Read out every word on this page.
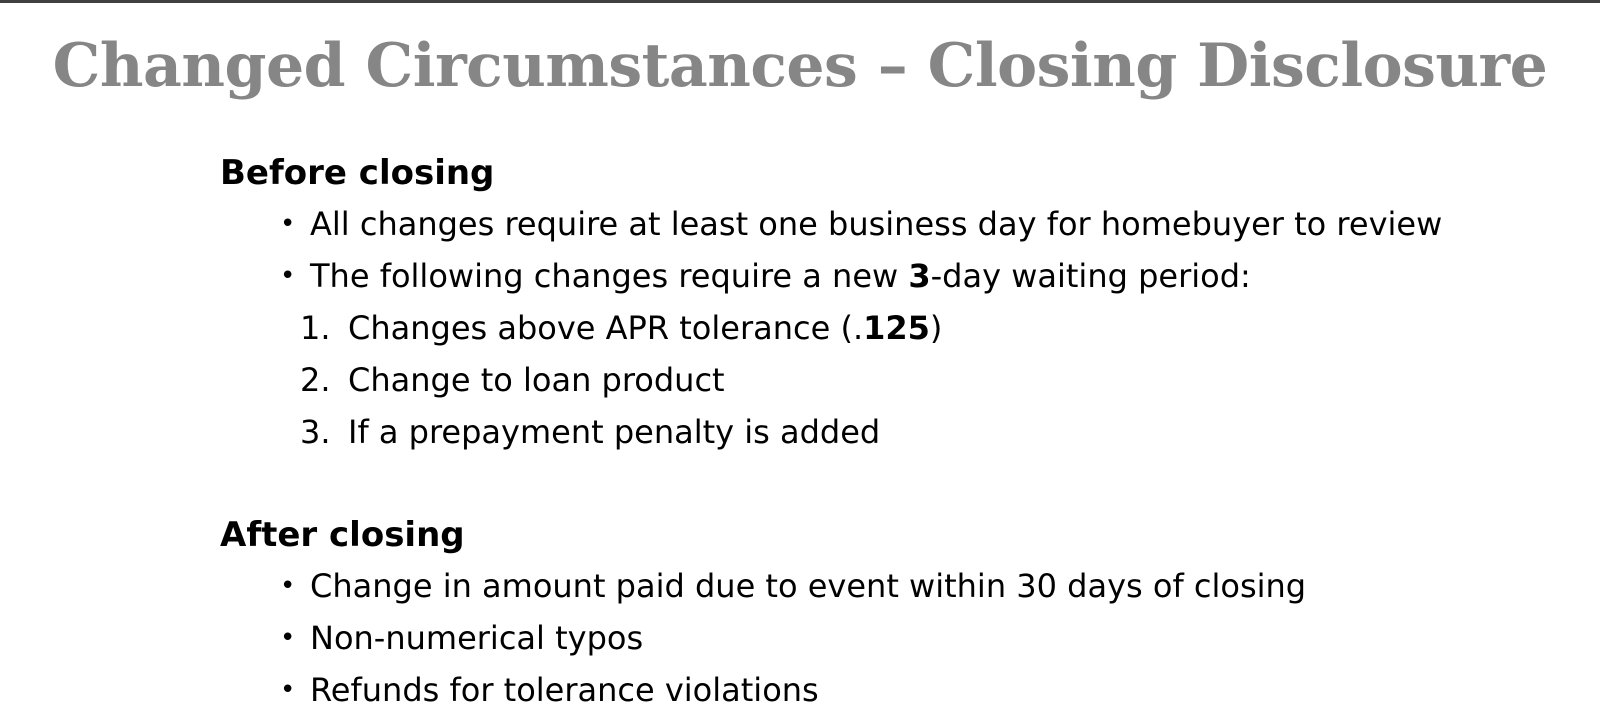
Changed Circumstances – Closing Disclosure
Before closing
• All changes require at least one business day for homebuyer to review
• The following changes require a new 3-day waiting period:
1. Changes above APR tolerance (.125)
2. Change to loan product
3. If a prepayment penalty is added
After closing
• Change in amount paid due to event within 30 days of closing
• Non-numerical typos
• Refunds for tolerance violations
